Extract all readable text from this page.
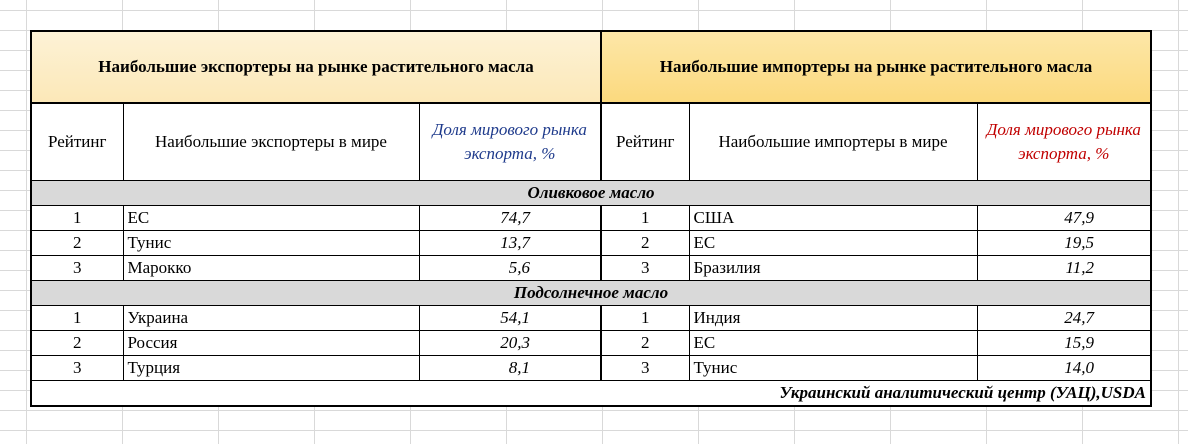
Наибольшие экспортеры на рынке растительного масла			Наибольшие импортеры на рынке растительного масла		
Рейтинг	Наибольшие экспортеры в мире	Доля мирового рынка экспорта, %	Рейтинг	Наибольшие импортеры в мире	Доля мирового рынка экспорта, %
Оливковое масло					
1	ЕС	74,7	1	США	47,9
2	Тунис	13,7	2	ЕС	19,5
3	Марокко	5,6	3	Бразилия	11,2
Подсолнечное масло					
1	Украина	54,1	1	Индия	24,7
2	Россия	20,3	2	ЕС	15,9
3	Турция	8,1	3	Тунис	14,0
Украинский аналитический центр (УАЦ),USDA					
